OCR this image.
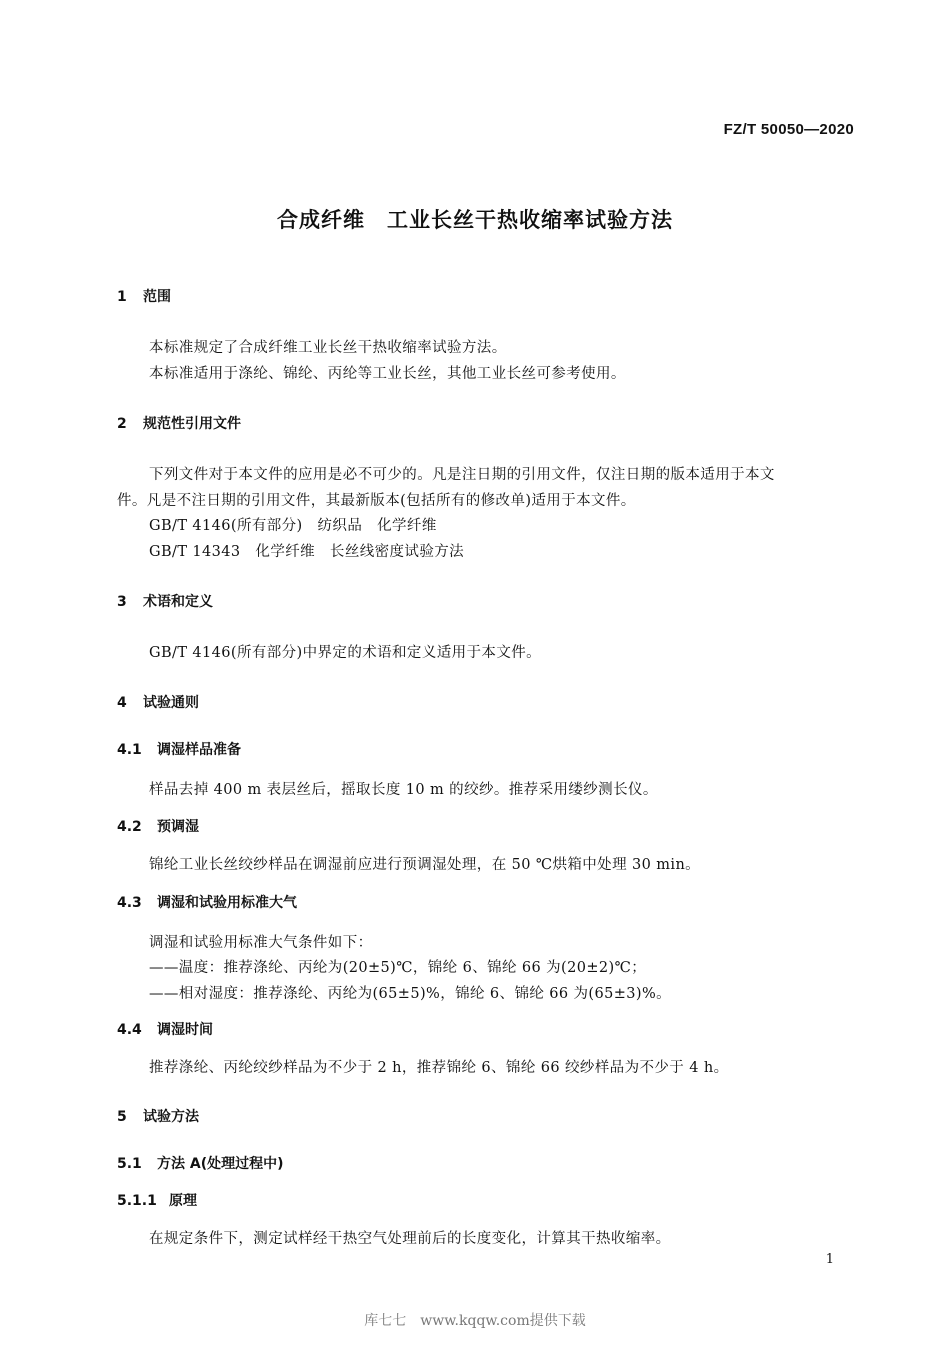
FZ/T 50050—2020
合成纤维　工业长丝干热收缩率试验方法
1 范围
本标准规定了合成纤维工业长丝干热收缩率试验方法。
本标准适用于涤纶、锦纶、丙纶等工业长丝，其他工业长丝可参考使用。
2 规范性引用文件
下列文件对于本文件的应用是必不可少的。凡是注日期的引用文件，仅注日期的版本适用于本文
件。凡是不注日期的引用文件，其最新版本(包括所有的修改单)适用于本文件。
GB/T 4146(所有部分)　纺织品　化学纤维
GB/T 14343　化学纤维　长丝线密度试验方法
3 术语和定义
GB/T 4146(所有部分)中界定的术语和定义适用于本文件。
4 试验通则
4.1 调湿样品准备
样品去掉 400 m 表层丝后，摇取长度 10 m 的绞纱。推荐采用缕纱测长仪。
4.2 预调湿
锦纶工业长丝绞纱样品在调湿前应进行预调湿处理，在 50 ℃烘箱中处理 30 min。
4.3 调湿和试验用标准大气
调湿和试验用标准大气条件如下：
——温度：推荐涤纶、丙纶为(20±5)℃，锦纶 6、锦纶 66 为(20±2)℃；
——相对湿度：推荐涤纶、丙纶为(65±5)%，锦纶 6、锦纶 66 为(65±3)%。
4.4 调湿时间
推荐涤纶、丙纶绞纱样品为不少于 2 h，推荐锦纶 6、锦纶 66 绞纱样品为不少于 4 h。
5 试验方法
5.1 方法 A(处理过程中)
5.1.1 原理
在规定条件下，测定试样经干热空气处理前后的长度变化，计算其干热收缩率。
1
库七七　www.kqqw.com提供下载
